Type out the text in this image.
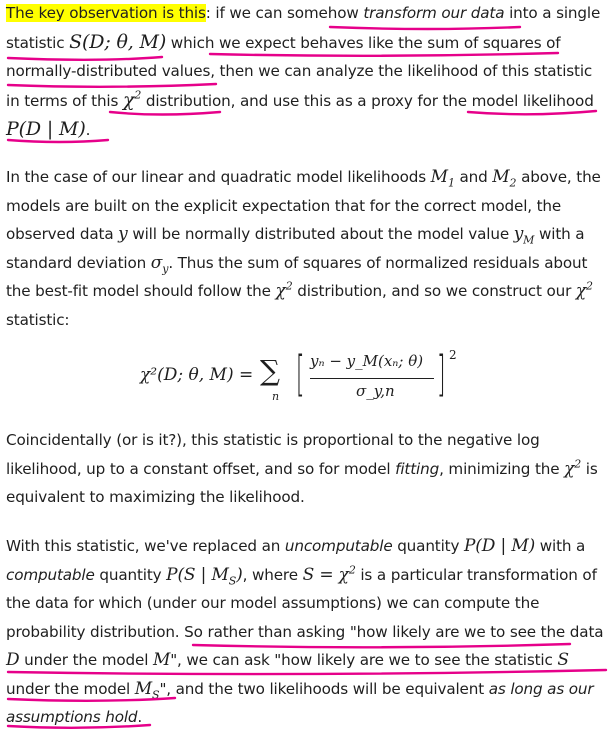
The key observation is this: if we can somehow transform our data into a single statistic S(D; θ, M) which we expect behaves like the sum of squares of normally-distributed values, then we can analyze the likelihood of this statistic in terms of this $\chi^2$ distribution, and use this as a proxy for the model likelihood P(D | M).

In the case of our linear and quadratic model likelihoods $M_1$ and $M_2$ above, the models are built on the explicit expectation that for the correct model, the observed data y will be normally distributed about the model value $y_M$ with a standard deviation $\sigma_y$. Thus the sum of squares of normalized residuals about the best-fit model should follow the $\chi^2$ distribution, and so we construct our $\chi^2$ statistic:

χ²(D; θ, M) = ∑
n [ yₙ − y_M(xₙ; θ)
σ_y,n ] 2

Coincidentally (or is it?), this statistic is proportional to the negative log likelihood, up to a constant offset, and so for model fitting, minimizing the $\chi^2$ is equivalent to maximizing the likelihood.

With this statistic, we've replaced an uncomputable quantity P(D | M) with a computable quantity P(S | $M_S$), where $S = \chi^2$ is a particular transformation of the data for which (under our model assumptions) we can compute the probability distribution. So rather than asking "how likely are we to see the data D under the model M", we can ask "how likely are we to see the statistic S under the model $M_S$", and the two likelihoods will be equivalent as long as our assumptions hold.
